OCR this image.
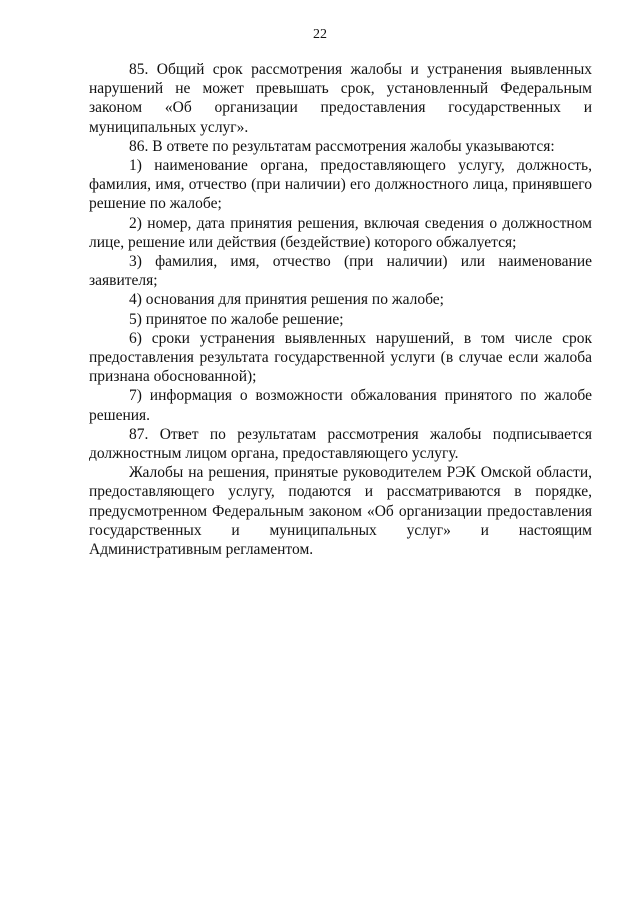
22

85. Общий срок рассмотрения жалобы и устранения выявленных нарушений не может превышать срок, установленный Федеральным законом «Об организации предоставления государственных и муниципальных услуг».

86. В ответе по результатам рассмотрения жалобы указываются:

1) наименование органа, предоставляющего услугу, должность, фамилия, имя, отчество (при наличии) его должностного лица, принявшего решение по жалобе;

2) номер, дата принятия решения, включая сведения о должностном лице, решение или действия (бездействие) которого обжалуется;

3) фамилия, имя, отчество (при наличии) или наименование заявителя;

4) основания для принятия решения по жалобе;

5) принятое по жалобе решение;

6) сроки устранения выявленных нарушений, в том числе срок предоставления результата государственной услуги (в случае если жалоба признана обоснованной);

7) информация о возможности обжалования принятого по жалобе решения.

87. Ответ по результатам рассмотрения жалобы подписывается должностным лицом органа, предоставляющего услугу.

Жалобы на решения, принятые руководителем РЭК Омской области, предоставляющего услугу, подаются и рассматриваются в порядке, предусмотренном Федеральным законом «Об организации предоставления государственных и муниципальных услуг» и настоящим Административным регламентом.
